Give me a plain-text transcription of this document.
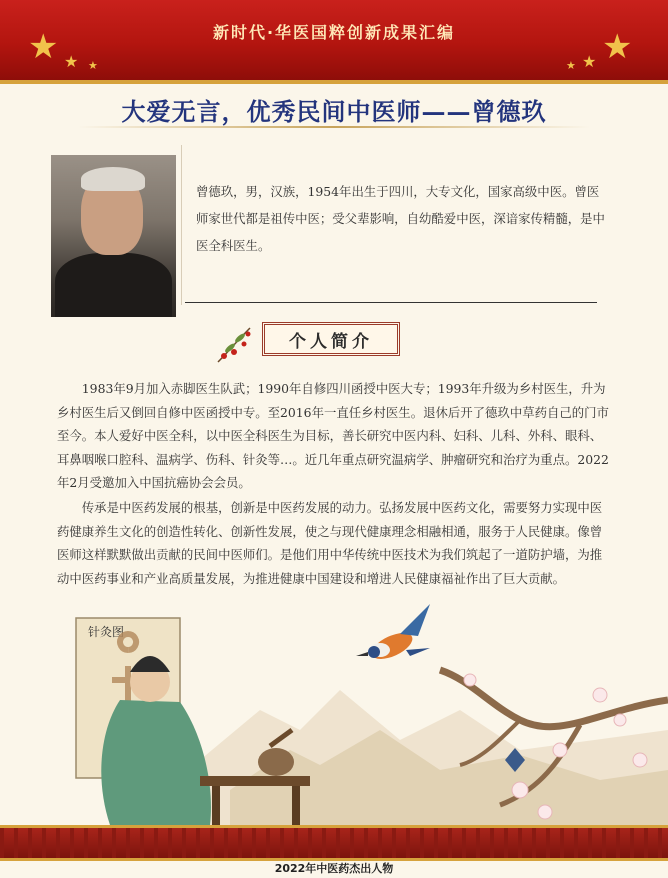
★ ★ ★	★
★
★
新时代·华医国粹创新成果汇编
大爱无言，优秀民间中医师——曾德玖
曾德玖，男，汉族，1954年出生于四川，大专文化，国家高级中医。曾医师家世代都是祖传中医；受父辈影响，自幼酷爱中医，深谙家传精髓，是中医全科医生。
个人简介

1983年9月加入赤脚医生队武；1990年自修四川函授中医大专；1993年升级为乡村医生，升为乡村医生后又倒回自修中医函授中专。至2016年一直任乡村医生。退休后开了德玖中草药自己的门市至今。本人爱好中医全科，以中医全科医生为目标，善长研究中医内科、妇科、儿科、外科、眼科、耳鼻咽喉口腔科、温病学、伤科、针灸等…。近几年重点研究温病学、肿瘤研究和治疗为重点。2022年2月受邀加入中国抗癌协会会员。

传承是中医药发展的根基，创新是中医药发展的动力。弘扬发展中医药文化，需要努力实现中医药健康养生文化的创造性转化、创新性发展，使之与现代健康理念相融相通，服务于人民健康。像曾医师这样默默做出贡献的民间中医师们。是他们用中华传统中医技术为我们筑起了一道防护墙，为推动中医药事业和产业高质量发展，为推进健康中国建设和增进人民健康福祉作出了巨大贡献。

针灸图
2022年中医药杰出人物
